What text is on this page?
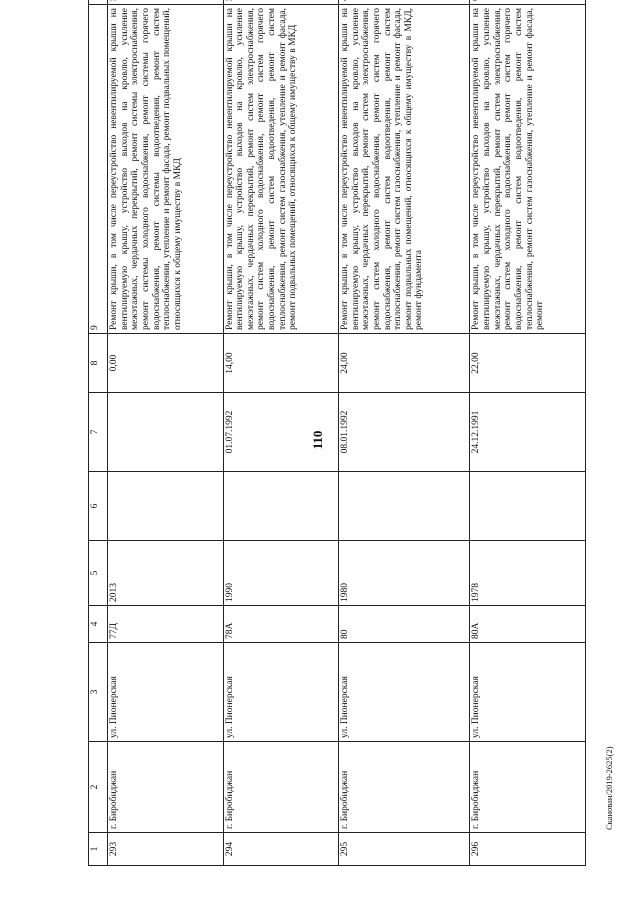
110
1	2	3	4	5	6	7	8	9	
293	г. Биробиджан	ул. Пионерская	77Д	2013			0,00	Ремонт крыши, в том числе переустройство невентилируемой крыши на вентилируемую крышу, устройство выходов на кровлю, усиление межэтажных, чердачных перекрытий, ремонт системы электроснабжения, ремонт системы холодного водоснабжения, ремонт системы горячего водоснабжения, ремонт системы водоотведения, ремонт систем теплоснабжения, утепление и ремонт фасада, ремонт подвальных помещений, относящихся к общему имуществу в МКД	
294	г. Биробиджан	ул. Пионерская	78А	1990		01.07.1992	14,00	Ремонт крыши, в том числе переустройство невентилируемой крыши на вентилируемую крышу, устройство выходов на кровлю, усиление межэтажных, чердачных перекрытий, ремонт систем электроснабжения, ремонт систем холодного водоснабжения, ремонт систем горячего водоснабжения, ремонт систем водоотведения, ремонт систем теплоснабжения, ремонт систем газоснабжения, утепление и ремонт фасада, ремонт подвальных помещений, относящихся к общему имуществу в МКД	
295	г. Биробиджан	ул. Пионерская	80	1980		08.01.1992	24,00	Ремонт крыши, в том числе переустройство невентилируемой крыши на вентилируемую крышу, устройство выходов на кровлю, усиление межэтажных, чердачных перекрытий, ремонт систем электроснабжения, ремонт систем холодного водоснабжения, ремонт систем горячего водоснабжения, ремонт систем водоотведения, ремонт систем теплоснабжения, ремонт систем газоснабжения, утепление и ремонт фасада, ремонт подвальных помещений, относящихся к общему имуществу в МКД, ремонт фундамента	
296	г. Биробиджан	ул. Пионерская	80А	1978		24.12.1991	22,00	Ремонт крыши, в том числе переустройство невентилируемой крыши на вентилируемую крышу, устройство выходов на кровлю, усиление межэтажных, чердачных перекрытий, ремонт систем электроснабжения, ремонт систем холодного водоснабжения, ремонт систем горячего водоснабжения, ремонт систем водоотведения, ремонт систем теплоснабжения, ремонт систем газоснабжения, утепление и ремонт фасада, ремонт	
Сканован/2019-2625(2)
